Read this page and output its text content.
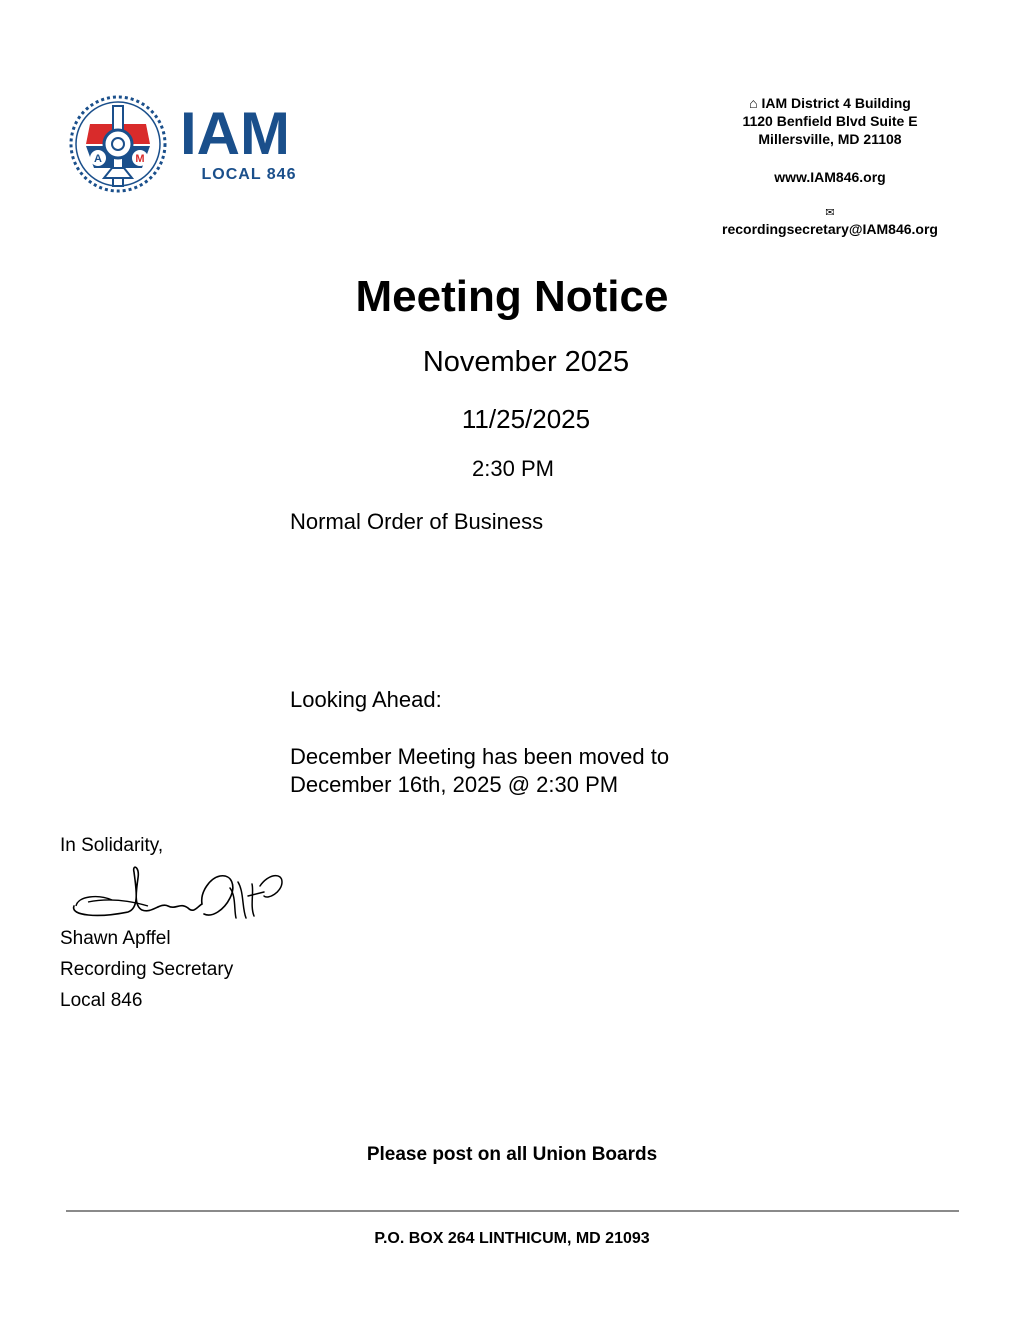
A	M IAM
LOCAL 846
⌂ IAM District 4 Building
1120 Benfield Blvd Suite E
Millersville, MD 21108
www.IAM846.org
✉
recordingsecretary@IAM846.org
Meeting Notice
November 2025
11/25/2025
2:30 PM
Normal Order of Business
Looking Ahead:
December Meeting has been moved to
December 16th, 2025 @ 2:30 PM
In Solidarity,
Shawn Apffel
Recording Secretary
Local 846
Please post on all Union Boards
P.O. BOX 264 LINTHICUM, MD 21093
